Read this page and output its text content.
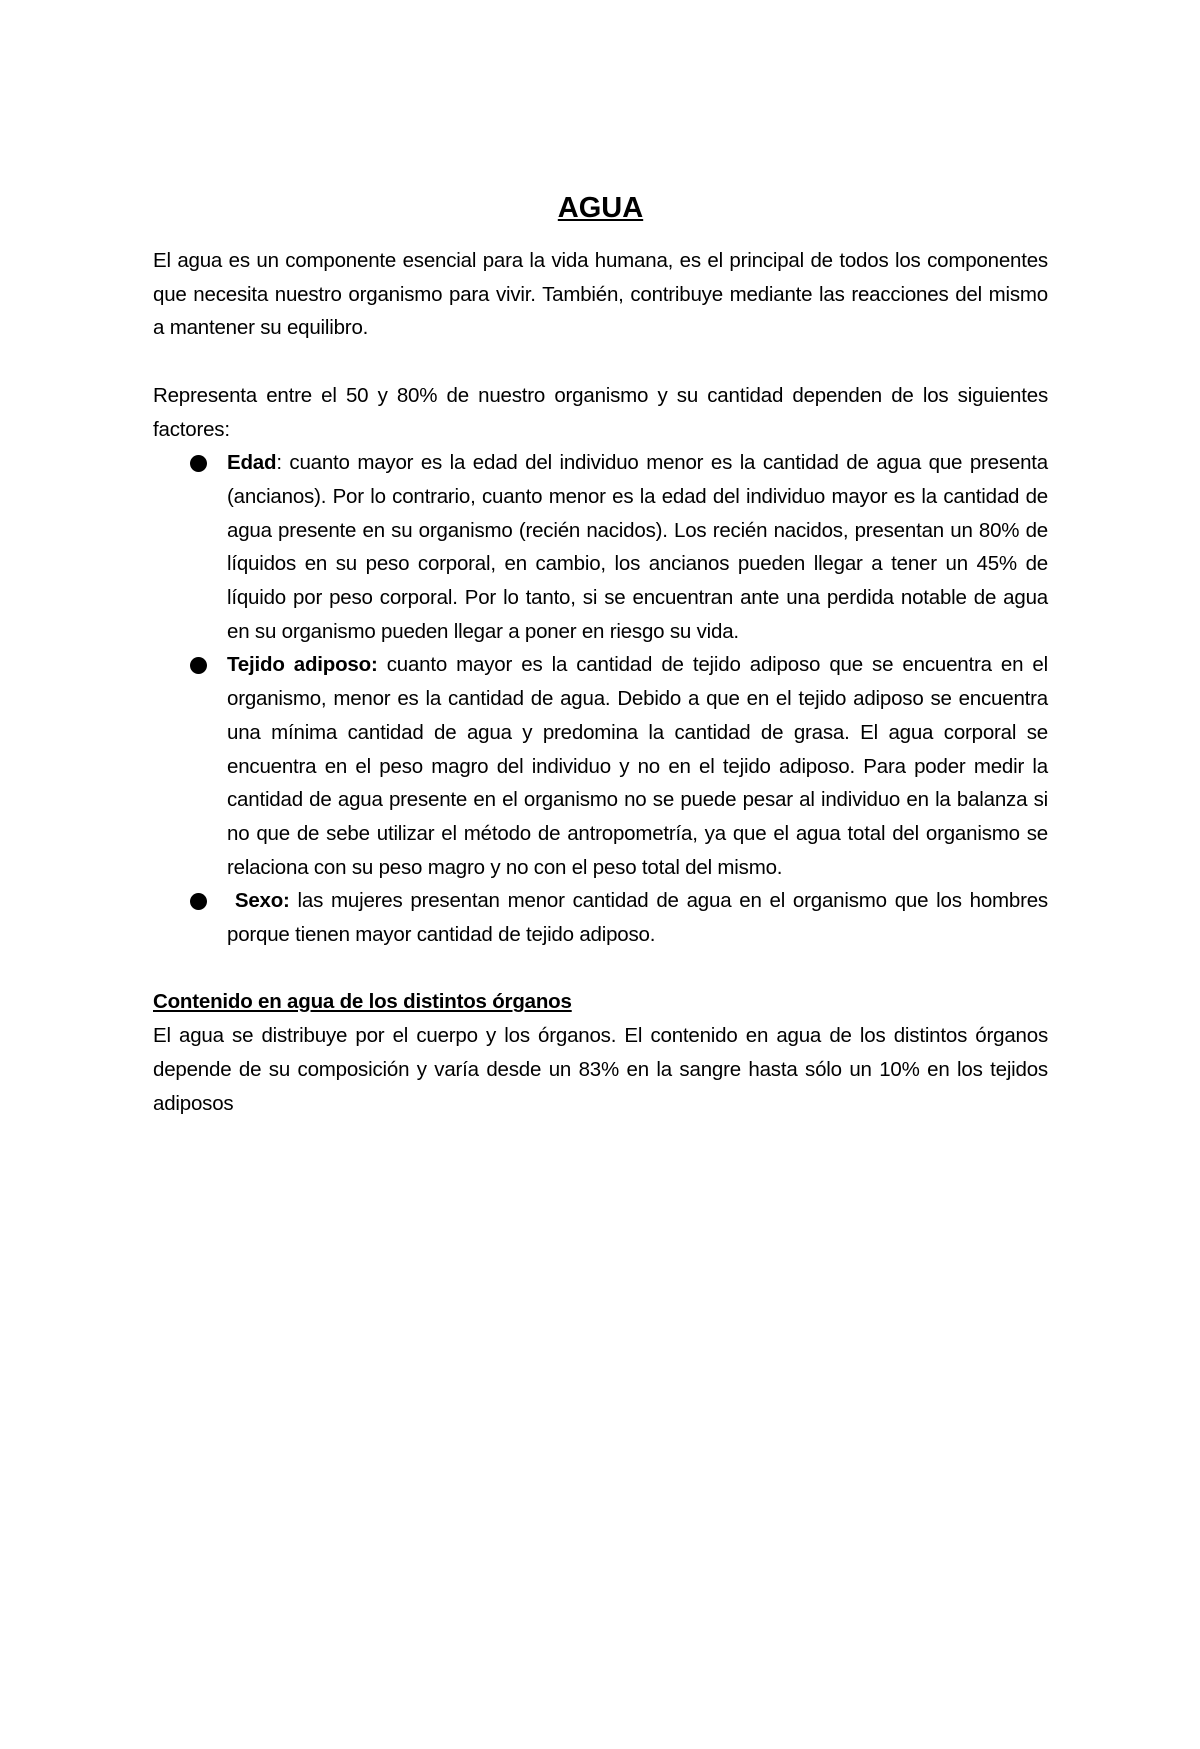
AGUA

El agua es un componente esencial para la vida humana, es el principal de todos los componentes que necesita nuestro organismo para vivir. También, contribuye mediante las reacciones del mismo a mantener su equilibro.

Representa entre el 50 y 80% de nuestro organismo y su cantidad dependen de los siguientes factores:

Edad: cuanto mayor es la edad del individuo menor es la cantidad de agua que presenta (ancianos). Por lo contrario, cuanto menor es la edad del individuo mayor es la cantidad de agua presente en su organismo (recién nacidos). Los recién nacidos, presentan un 80% de líquidos en su peso corporal, en cambio, los ancianos pueden llegar a tener un 45% de líquido por peso corporal. Por lo tanto, si se encuentran ante una perdida notable de agua en su organismo pueden llegar a poner en riesgo su vida.
Tejido adiposo: cuanto mayor es la cantidad de tejido adiposo que se encuentra en el organismo, menor es la cantidad de agua. Debido a que en el tejido adiposo se encuentra una mínima cantidad de agua y predomina la cantidad de grasa. El agua corporal se encuentra en el peso magro del individuo y no en el tejido adiposo. Para poder medir la cantidad de agua presente en el organismo no se puede pesar al individuo en la balanza si no que de sebe utilizar el método de antropometría, ya que el agua total del organismo se relaciona con su peso magro y no con el peso total del mismo.
Sexo: las mujeres presentan menor cantidad de agua en el organismo que los hombres porque tienen mayor cantidad de tejido adiposo.
Contenido en agua de los distintos órganos

El agua se distribuye por el cuerpo y los órganos. El contenido en agua de los distintos órganos depende de su composición y varía desde un 83% en la sangre hasta sólo un 10% en los tejidos adiposos
